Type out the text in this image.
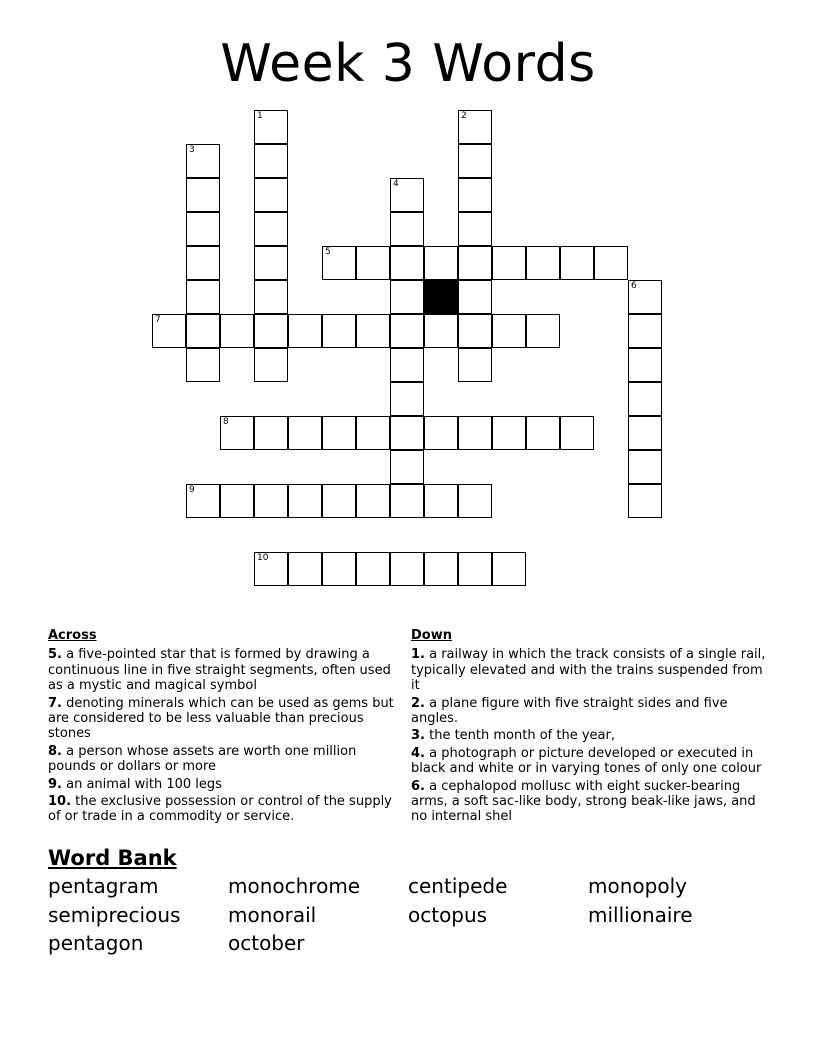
Week 3 Words
1	2
3
4
5
6
7
8
9
10
Across
5. a five-pointed star that is formed by drawing a continuous line in five straight segments, often used as a mystic and magical symbol
7. denoting minerals which can be used as gems but are considered to be less valuable than precious stones
8. a person whose assets are worth one million pounds or dollars or more
9. an animal with 100 legs
10. the exclusive possession or control of the supply of or trade in a commodity or service.
Down
1. a railway in which the track consists of a single rail, typically elevated and with the trains suspended from it
2. a plane figure with five straight sides and five angles.
3. the tenth month of the year,
4. a photograph or picture developed or executed in black and white or in varying tones of only one colour
6. a cephalopod mollusc with eight sucker-bearing arms, a soft sac-like body, strong beak-like jaws, and no internal shel
Word Bank
pentagram	monochrome	centipede	monopoly
semiprecious	monorail	octopus	millionaire
pentagon	october
